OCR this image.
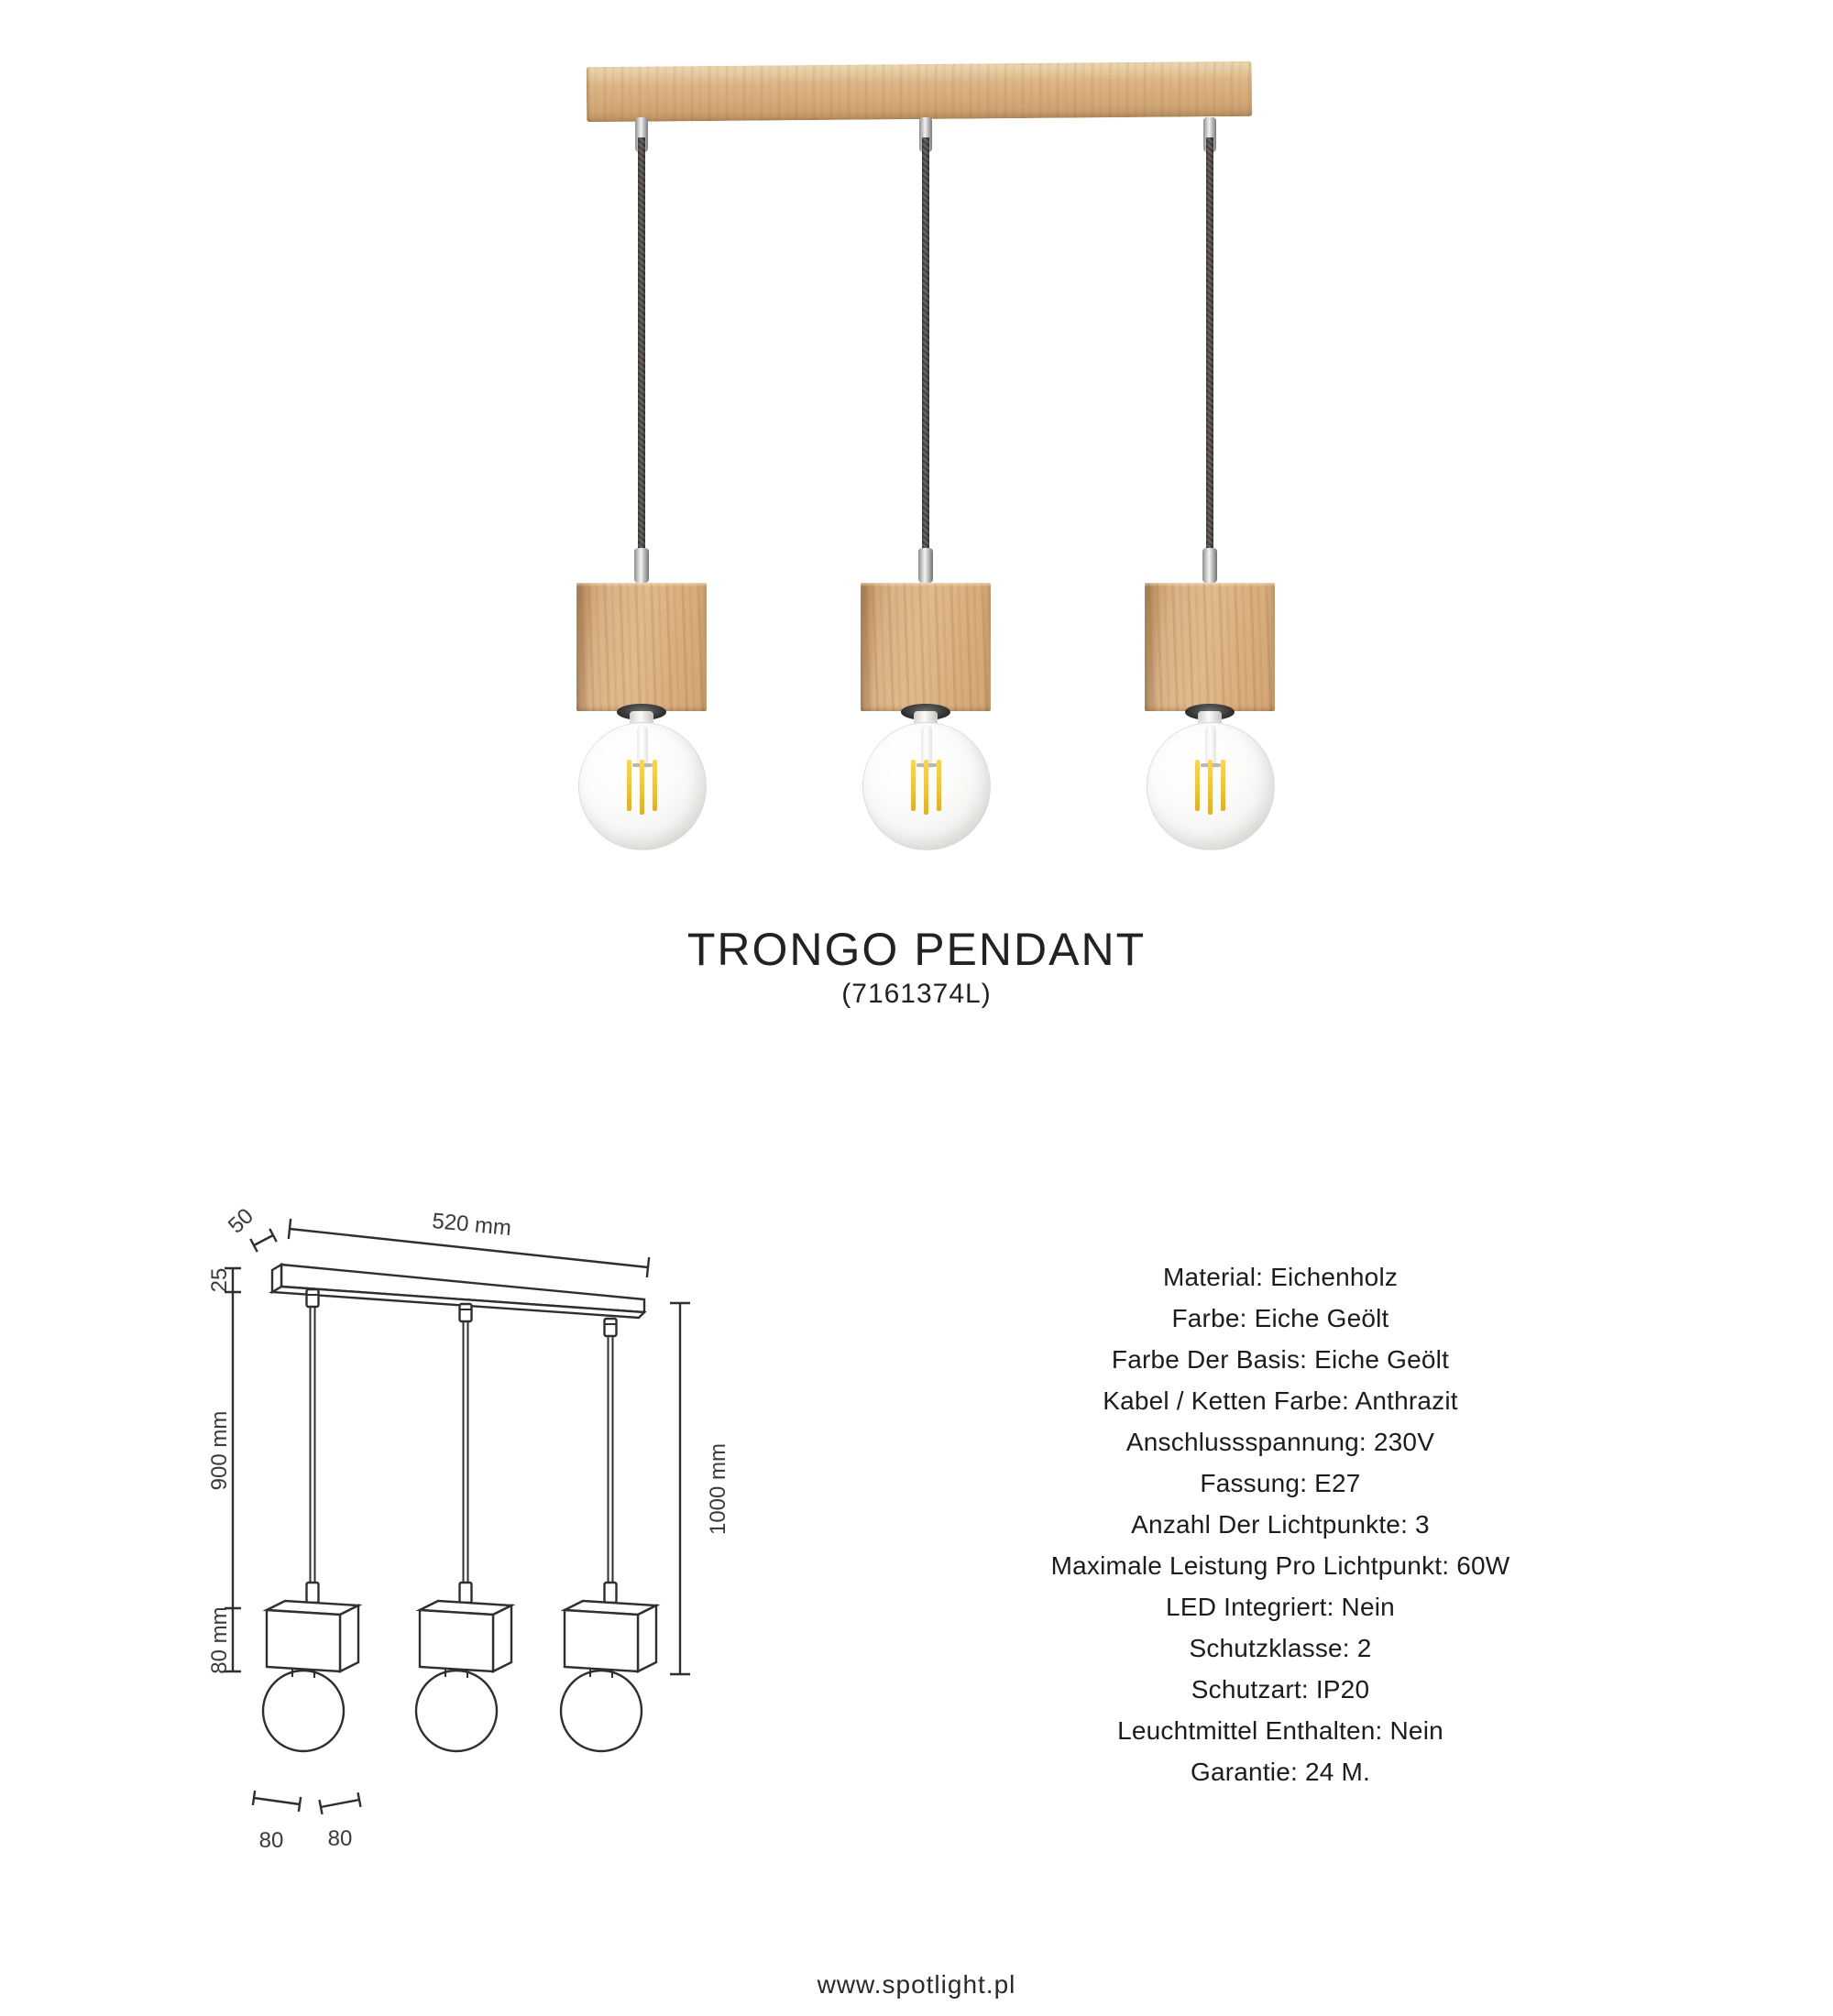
TRONGO PENDANT
(7161374L)
520 mm
50
25
900 mm
80 mm
1000 mm
80 80
Material: Eichenholz
Farbe: Eiche Geölt
Farbe Der Basis: Eiche Geölt
Kabel / Ketten Farbe: Anthrazit
Anschlussspannung: 230V
Fassung: E27
Anzahl Der Lichtpunkte: 3
Maximale Leistung Pro Lichtpunkt: 60W
LED Integriert: Nein
Schutzklasse: 2
Schutzart: IP20
Leuchtmittel Enthalten: Nein
Garantie: 24 M.
www.spotlight.pl
